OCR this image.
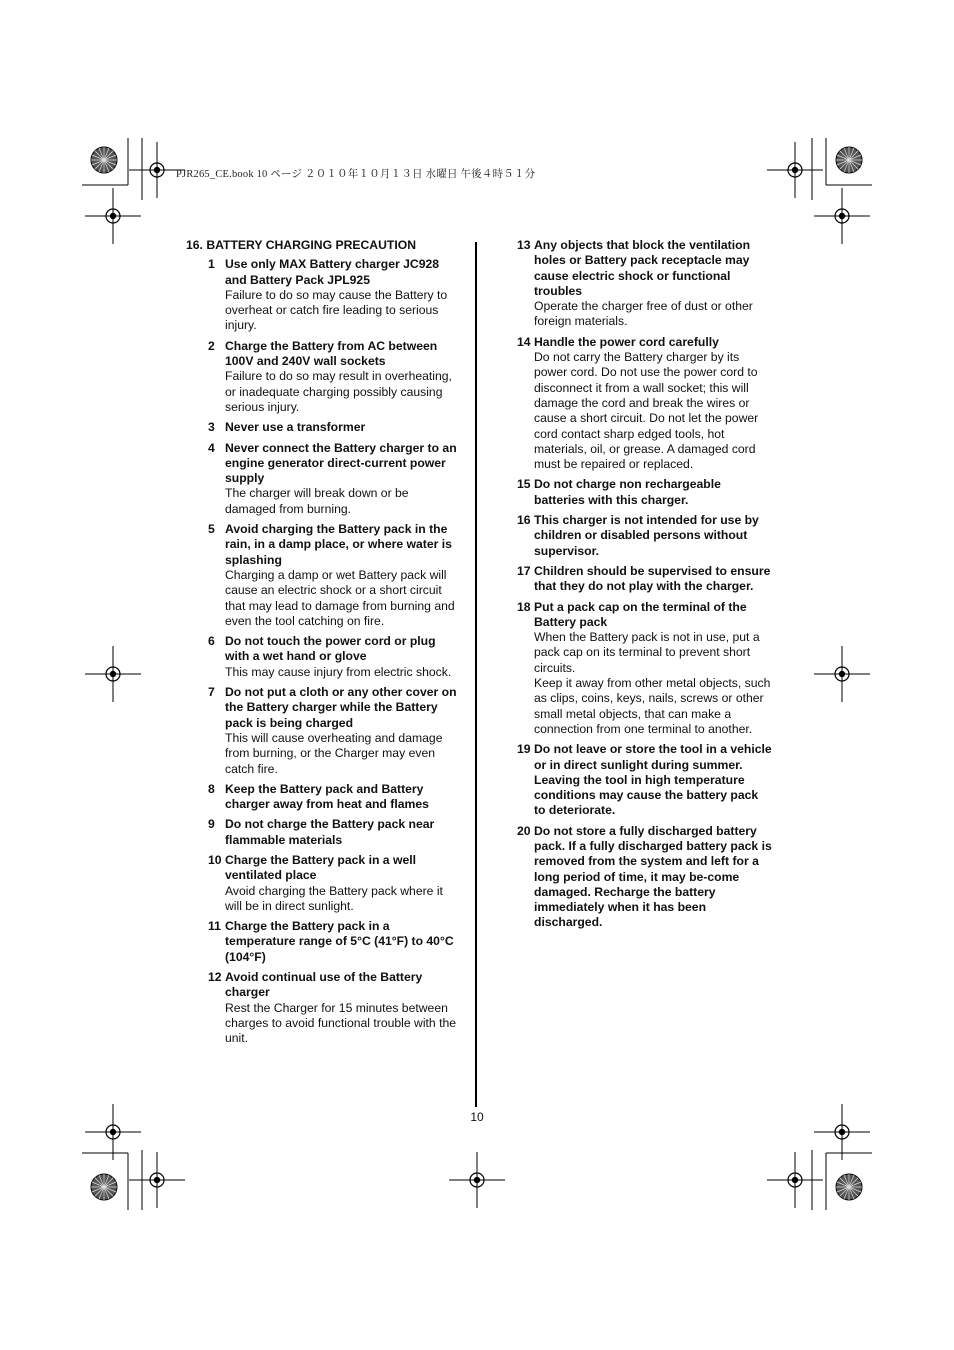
PJR265_CE.book 10 ページ ２０１０年１０月１３日 水曜日 午後４時５１分
16. BATTERY CHARGING PRECAUTION
1 Use only MAX Battery charger JC928 and Battery Pack JPL925
Failure to do so may cause the Battery to overheat or catch fire leading to serious injury.
2 Charge the Battery from AC between 100V and 240V wall sockets
Failure to do so may result in overheating, or inadequate charging possibly causing serious injury.
3 Never use a transformer
4 Never connect the Battery charger to an engine generator direct-current power supply
The charger will break down or be damaged from burning.
5 Avoid charging the Battery pack in the rain, in a damp place, or where water is splashing
Charging a damp or wet Battery pack will cause an electric shock or a short circuit that may lead to damage from burning and even the tool catching on fire.
6 Do not touch the power cord or plug with a wet hand or glove
This may cause injury from electric shock.
7 Do not put a cloth or any other cover on the Battery charger while the Battery pack is being charged
This will cause overheating and damage from burning, or the Charger may even catch fire.
8 Keep the Battery pack and Battery charger away from heat and flames
9 Do not charge the Battery pack near flammable materials
10 Charge the Battery pack in a well ventilated place
Avoid charging the Battery pack where it will be in direct sunlight.
11 Charge the Battery pack in a temperature range of 5°C (41°F) to 40°C (104°F)
12 Avoid continual use of the Battery charger
Rest the Charger for 15 minutes between charges to avoid functional trouble with the unit.
13 Any objects that block the ventilation holes or Battery pack receptacle may cause electric shock or functional troubles
Operate the charger free of dust or other foreign materials.
14 Handle the power cord carefully
Do not carry the Battery charger by its power cord. Do not use the power cord to disconnect it from a wall socket; this will damage the cord and break the wires or cause a short circuit. Do not let the power cord contact sharp edged tools, hot materials, oil, or grease. A damaged cord must be repaired or replaced.
15 Do not charge non rechargeable batteries with this charger.
16 This charger is not intended for use by children or disabled persons without supervisor.
17 Children should be supervised to ensure that they do not play with the charger.
18 Put a pack cap on the terminal of the Battery pack
When the Battery pack is not in use, put a pack cap on its terminal to prevent short circuits.
Keep it away from other metal objects, such as clips, coins, keys, nails, screws or other small metal objects, that can make a connection from one terminal to another.
19 Do not leave or store the tool in a vehicle or in direct sunlight during summer. Leaving the tool in high temperature conditions may cause the battery pack to deteriorate.
20 Do not store a fully discharged battery pack. If a fully discharged battery pack is removed from the system and left for a long period of time, it may be-come damaged. Recharge the battery immediately when it has been discharged.
10
